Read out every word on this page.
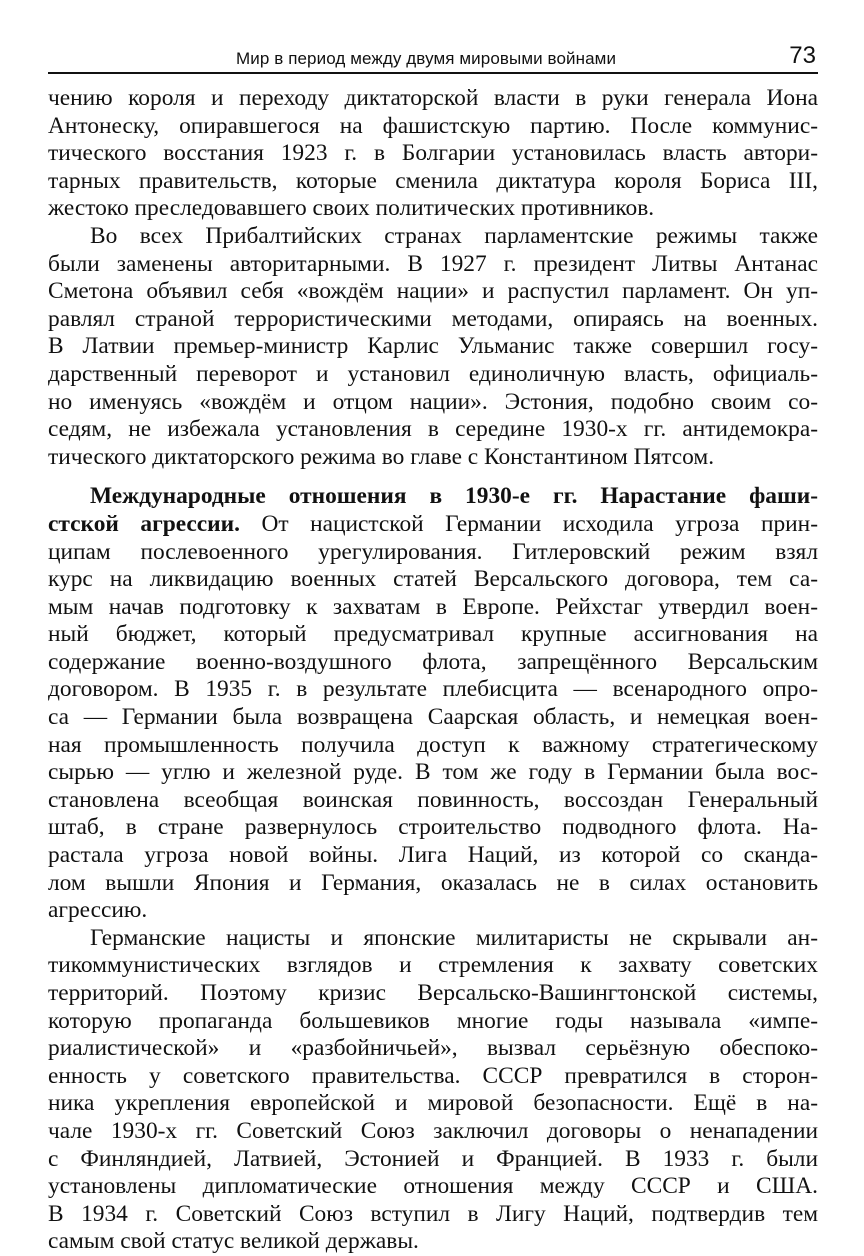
Мир в период между двумя мировыми войнами	73
чению короля и переходу диктаторской власти в руки генерала Иона
Антонеску, опиравшегося на фашистскую партию. После коммунис-
тического восстания 1923 г. в Болгарии установилась власть автори-
тарных правительств, которые сменила диктатура короля Бориса III,
жестоко преследовавшего своих политических противников.
Во всех Прибалтийских странах парламентские режимы также
были заменены авторитарными. В 1927 г. президент Литвы Антанас
Сметона объявил себя «вождём нации» и распустил парламент. Он уп-
равлял страной террористическими методами, опираясь на военных.
В Латвии премьер-министр Карлис Ульманис также совершил госу-
дарственный переворот и установил единоличную власть, официаль-
но именуясь «вождём и отцом нации». Эстония, подобно своим со-
седям, не избежала установления в середине 1930-х гг. антидемокра-
тического диктаторского режима во главе с Константином Пятсом.
Международные отношения в 1930-е гг. Нарастание фаши-
стской агрессии. От нацистской Германии исходила угроза прин-
ципам послевоенного урегулирования. Гитлеровский режим взял
курс на ликвидацию военных статей Версальского договора, тем са-
мым начав подготовку к захватам в Европе. Рейхстаг утвердил воен-
ный бюджет, который предусматривал крупные ассигнования на
содержание военно-воздушного флота, запрещённого Версальским
договором. В 1935 г. в результате плебисцита — всенародного опро-
са — Германии была возвращена Саарская область, и немецкая воен-
ная промышленность получила доступ к важному стратегическому
сырью — углю и железной руде. В том же году в Германии была вос-
становлена всеобщая воинская повинность, воссоздан Генеральный
штаб, в стране развернулось строительство подводного флота. На-
растала угроза новой войны. Лига Наций, из которой со сканда-
лом вышли Япония и Германия, оказалась не в силах остановить
агрессию.
Германские нацисты и японские милитаристы не скрывали ан-
тикоммунистических взглядов и стремления к захвату советских
территорий. Поэтому кризис Версальско-Вашингтонской системы,
которую пропаганда большевиков многие годы называла «импе-
риалистической» и «разбойничьей», вызвал серьёзную обеспоко-
енность у советского правительства. СССР превратился в сторон-
ника укрепления европейской и мировой безопасности. Ещё в на-
чале 1930-х гг. Советский Союз заключил договоры о ненападении
с Финляндией, Латвией, Эстонией и Францией. В 1933 г. были
установлены дипломатические отношения между СССР и США.
В 1934 г. Советский Союз вступил в Лигу Наций, подтвердив тем
самым свой статус великой державы.
